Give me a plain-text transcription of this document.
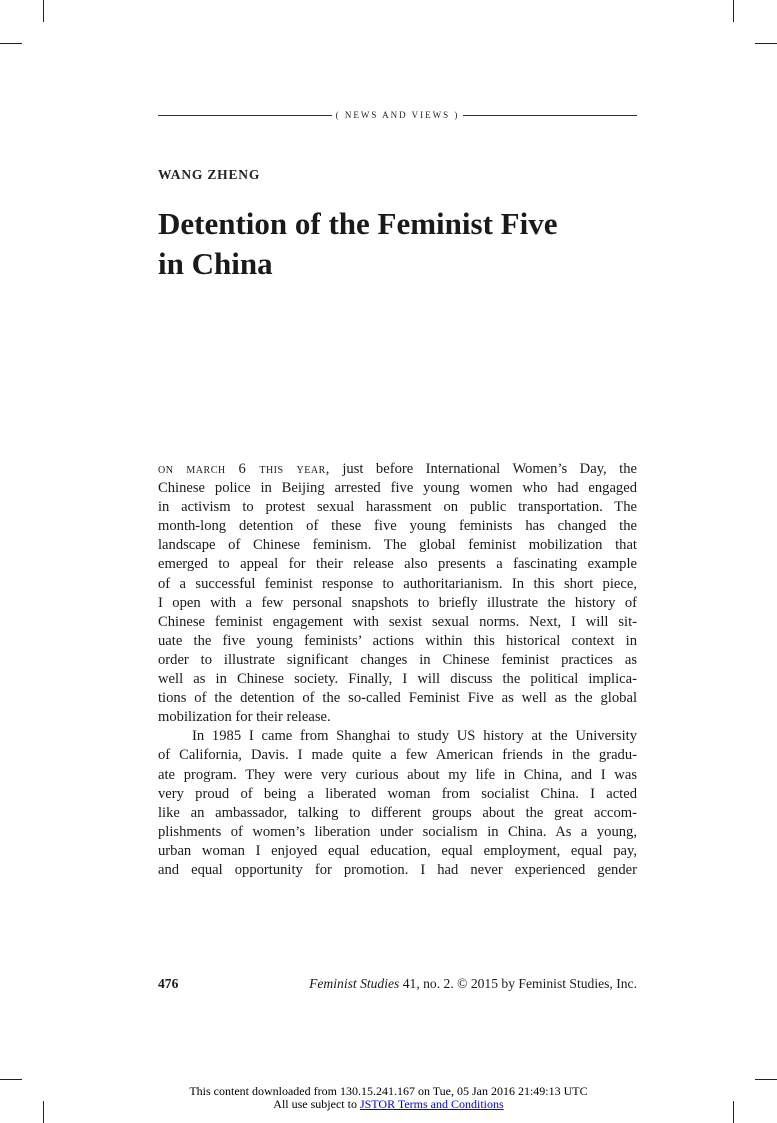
( NEWS AND VIEWS )
WANG ZHENG
Detention of the Feminist Five
in China
on march 6 this year, just before International Women’s Day, the
Chinese police in Beijing arrested five young women who had engaged
in activism to protest sexual harassment on public transportation. The
month-long detention of these five young feminists has changed the
landscape of Chinese feminism. The global feminist mobilization that
emerged to appeal for their release also presents a fascinating example
of a successful feminist response to authoritarianism. In this short piece,
I open with a few personal snapshots to briefly illustrate the history of
Chinese feminist engagement with sexist sexual norms. Next, I will sit-
uate the five young feminists’ actions within this historical context in
order to illustrate significant changes in Chinese feminist practices as
well as in Chinese society. Finally, I will discuss the political implica-
tions of the detention of the so-called Feminist Five as well as the global
mobilization for their release.
In 1985 I came from Shanghai to study US history at the University
of California, Davis. I made quite a few American friends in the gradu-
ate program. They were very curious about my life in China, and I was
very proud of being a liberated woman from socialist China. I acted
like an ambassador, talking to different groups about the great accom-
plishments of women’s liberation under socialism in China. As a young,
urban woman I enjoyed equal education, equal employment, equal pay,
and equal opportunity for promotion. I had never experienced gender
476	Feminist Studies 41, no. 2. © 2015 by Feminist Studies, Inc.
This content downloaded from 130.15.241.167 on Tue, 05 Jan 2016 21:49:13 UTC
All use subject to JSTOR Terms and Conditions
